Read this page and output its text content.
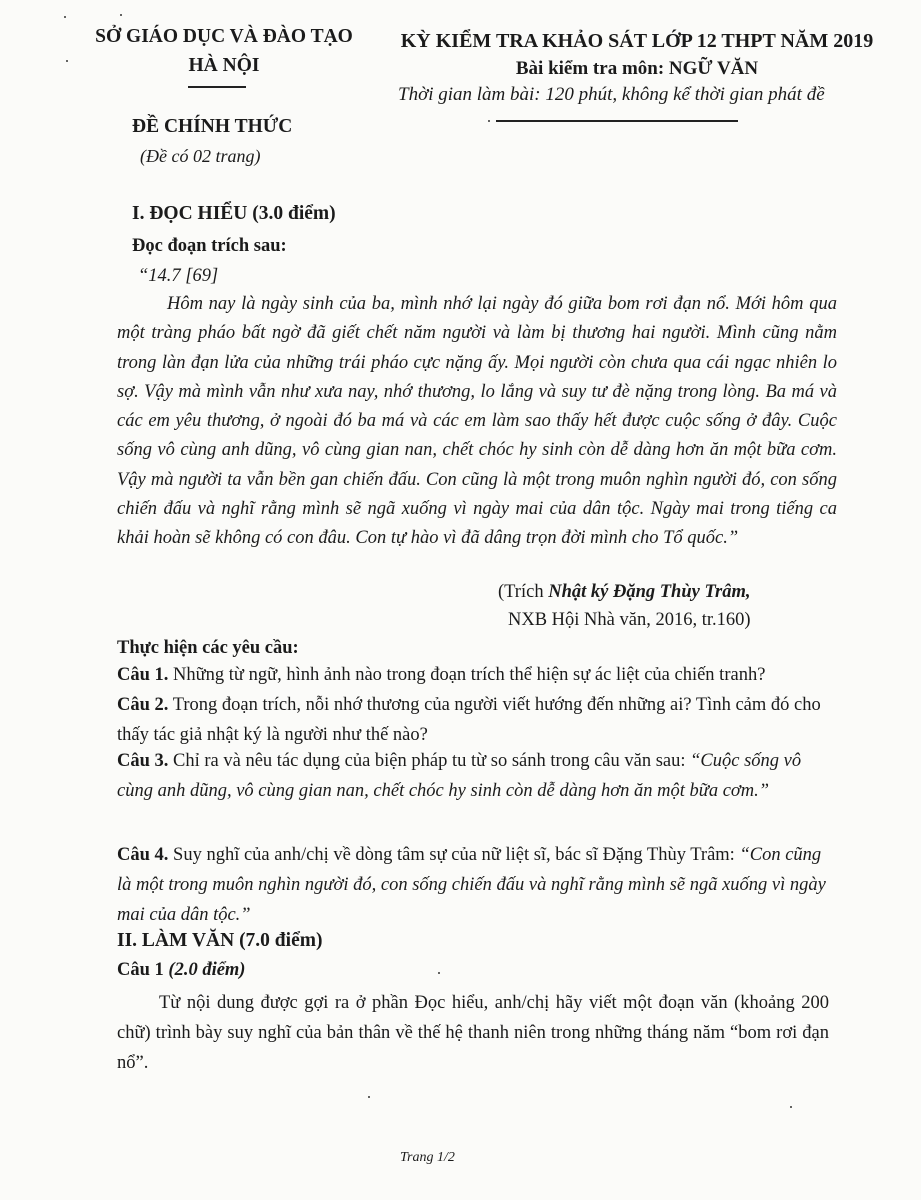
SỞ GIÁO DỤC VÀ ĐÀO TẠO
HÀ NỘI
KỲ KIỂM TRA KHẢO SÁT LỚP 12 THPT NĂM 2019
Bài kiểm tra môn: NGỮ VĂN
Thời gian làm bài: 120 phút, không kể thời gian phát đề
ĐỀ CHÍNH THỨC
(Đề có 02 trang)
I. ĐỌC HIỂU (3.0 điểm)
Đọc đoạn trích sau:
“14.7 [69]

Hôm nay là ngày sinh của ba, mình nhớ lại ngày đó giữa bom rơi đạn nổ. Mới hôm qua một tràng pháo bất ngờ đã giết chết năm người và làm bị thương hai người. Mình cũng nằm trong làn đạn lửa của những trái pháo cực nặng ấy. Mọi người còn chưa qua cái ngạc nhiên lo sợ. Vậy mà mình vẫn như xưa nay, nhớ thương, lo lắng và suy tư đè nặng trong lòng. Ba má và các em yêu thương, ở ngoài đó ba má và các em làm sao thấy hết được cuộc sống ở đây. Cuộc sống vô cùng anh dũng, vô cùng gian nan, chết chóc hy sinh còn dễ dàng hơn ăn một bữa cơm. Vậy mà người ta vẫn bền gan chiến đấu. Con cũng là một trong muôn nghìn người đó, con sống chiến đấu và nghĩ rằng mình sẽ ngã xuống vì ngày mai của dân tộc. Ngày mai trong tiếng ca khải hoàn sẽ không có con đâu. Con tự hào vì đã dâng trọn đời mình cho Tổ quốc.”

(Trích Nhật ký Đặng Thùy Trâm,
NXB Hội Nhà văn, 2016, tr.160)
Thực hiện các yêu cầu:

Câu 1. Những từ ngữ, hình ảnh nào trong đoạn trích thể hiện sự ác liệt của chiến tranh?

Câu 2. Trong đoạn trích, nỗi nhớ thương của người viết hướng đến những ai? Tình cảm đó cho thấy tác giả nhật ký là người như thế nào?

Câu 3. Chỉ ra và nêu tác dụng của biện pháp tu từ so sánh trong câu văn sau: “Cuộc sống vô cùng anh dũng, vô cùng gian nan, chết chóc hy sinh còn dễ dàng hơn ăn một bữa cơm.”

Câu 4. Suy nghĩ của anh/chị về dòng tâm sự của nữ liệt sĩ, bác sĩ Đặng Thùy Trâm: “Con cũng là một trong muôn nghìn người đó, con sống chiến đấu và nghĩ rằng mình sẽ ngã xuống vì ngày mai của dân tộc.”

II. LÀM VĂN (7.0 điểm)
Câu 1 (2.0 điểm)

Từ nội dung được gợi ra ở phần Đọc hiểu, anh/chị hãy viết một đoạn văn (khoảng 200 chữ) trình bày suy nghĩ của bản thân về thế hệ thanh niên trong những tháng năm “bom rơi đạn nổ”.

Trang 1/2
